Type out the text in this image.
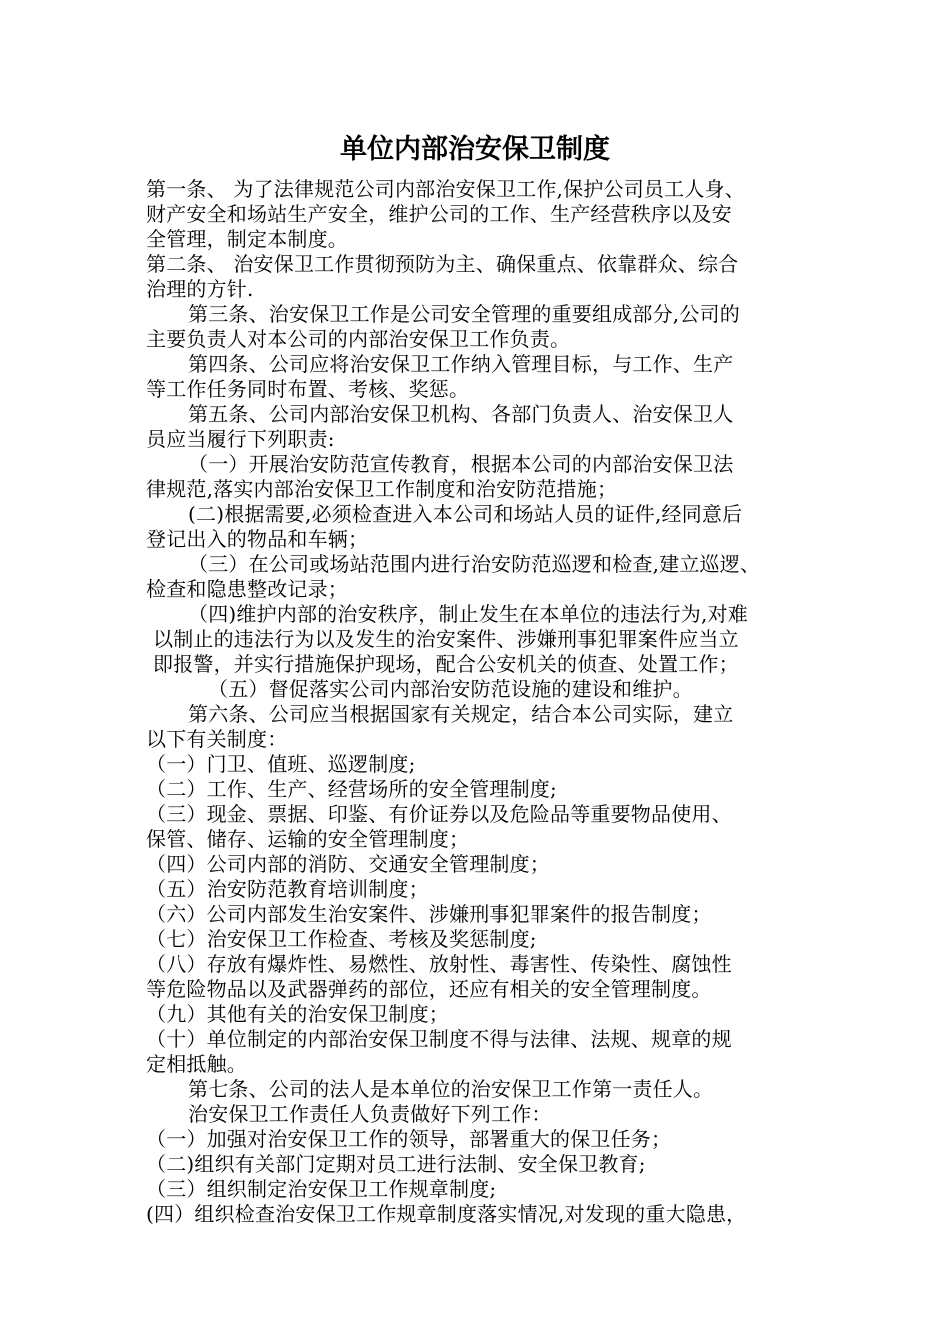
单位内部治安保卫制度
第一条、 为了法律规范公司内部治安保卫工作,保护公司员工人身、
财产安全和场站生产安全，维护公司的工作、生产经营秩序以及安
全管理，制定本制度。
第二条、 治安保卫工作贯彻预防为主、确保重点、依靠群众、综合
治理的方针.
第三条、治安保卫工作是公司安全管理的重要组成部分,公司的
主要负责人对本公司的内部治安保卫工作负责。
第四条、公司应将治安保卫工作纳入管理目标，与工作、生产
等工作任务同时布置、考核、奖惩。
第五条、公司内部治安保卫机构、各部门负责人、治安保卫人
员应当履行下列职责:
（一）开展治安防范宣传教育，根据本公司的内部治安保卫法
律规范,落实内部治安保卫工作制度和治安防范措施；
(二)根据需要,必须检查进入本公司和场站人员的证件,经同意后
登记出入的物品和车辆；
（三）在公司或场站范围内进行治安防范巡逻和检查,建立巡逻、
检查和隐患整改记录；
（四)维护内部的治安秩序，制止发生在本单位的违法行为,对难
以制止的违法行为以及发生的治安案件、涉嫌刑事犯罪案件应当立
即报警，并实行措施保护现场，配合公安机关的侦查、处置工作；
（五）督促落实公司内部治安防范设施的建设和维护。
第六条、公司应当根据国家有关规定，结合本公司实际，建立
以下有关制度：
（一）门卫、值班、巡逻制度;
（二）工作、生产、经营场所的安全管理制度;
（三）现金、票据、印鉴、有价证券以及危险品等重要物品使用、
保管、储存、运输的安全管理制度；
（四）公司内部的消防、交通安全管理制度；
（五）治安防范教育培训制度；
（六）公司内部发生治安案件、涉嫌刑事犯罪案件的报告制度；
（七）治安保卫工作检查、考核及奖惩制度;
（八）存放有爆炸性、易燃性、放射性、毒害性、传染性、腐蚀性
等危险物品以及武器弹药的部位，还应有相关的安全管理制度。
（九）其他有关的治安保卫制度；
（十）单位制定的内部治安保卫制度不得与法律、法规、规章的规
定相抵触。
第七条、公司的法人是本单位的治安保卫工作第一责任人。
治安保卫工作责任人负责做好下列工作：
（一）加强对治安保卫工作的领导，部署重大的保卫任务；
（二)组织有关部门定期对员工进行法制、安全保卫教育;
（三）组织制定治安保卫工作规章制度;
(四）组织检查治安保卫工作规章制度落实情况,对发现的重大隐患，
